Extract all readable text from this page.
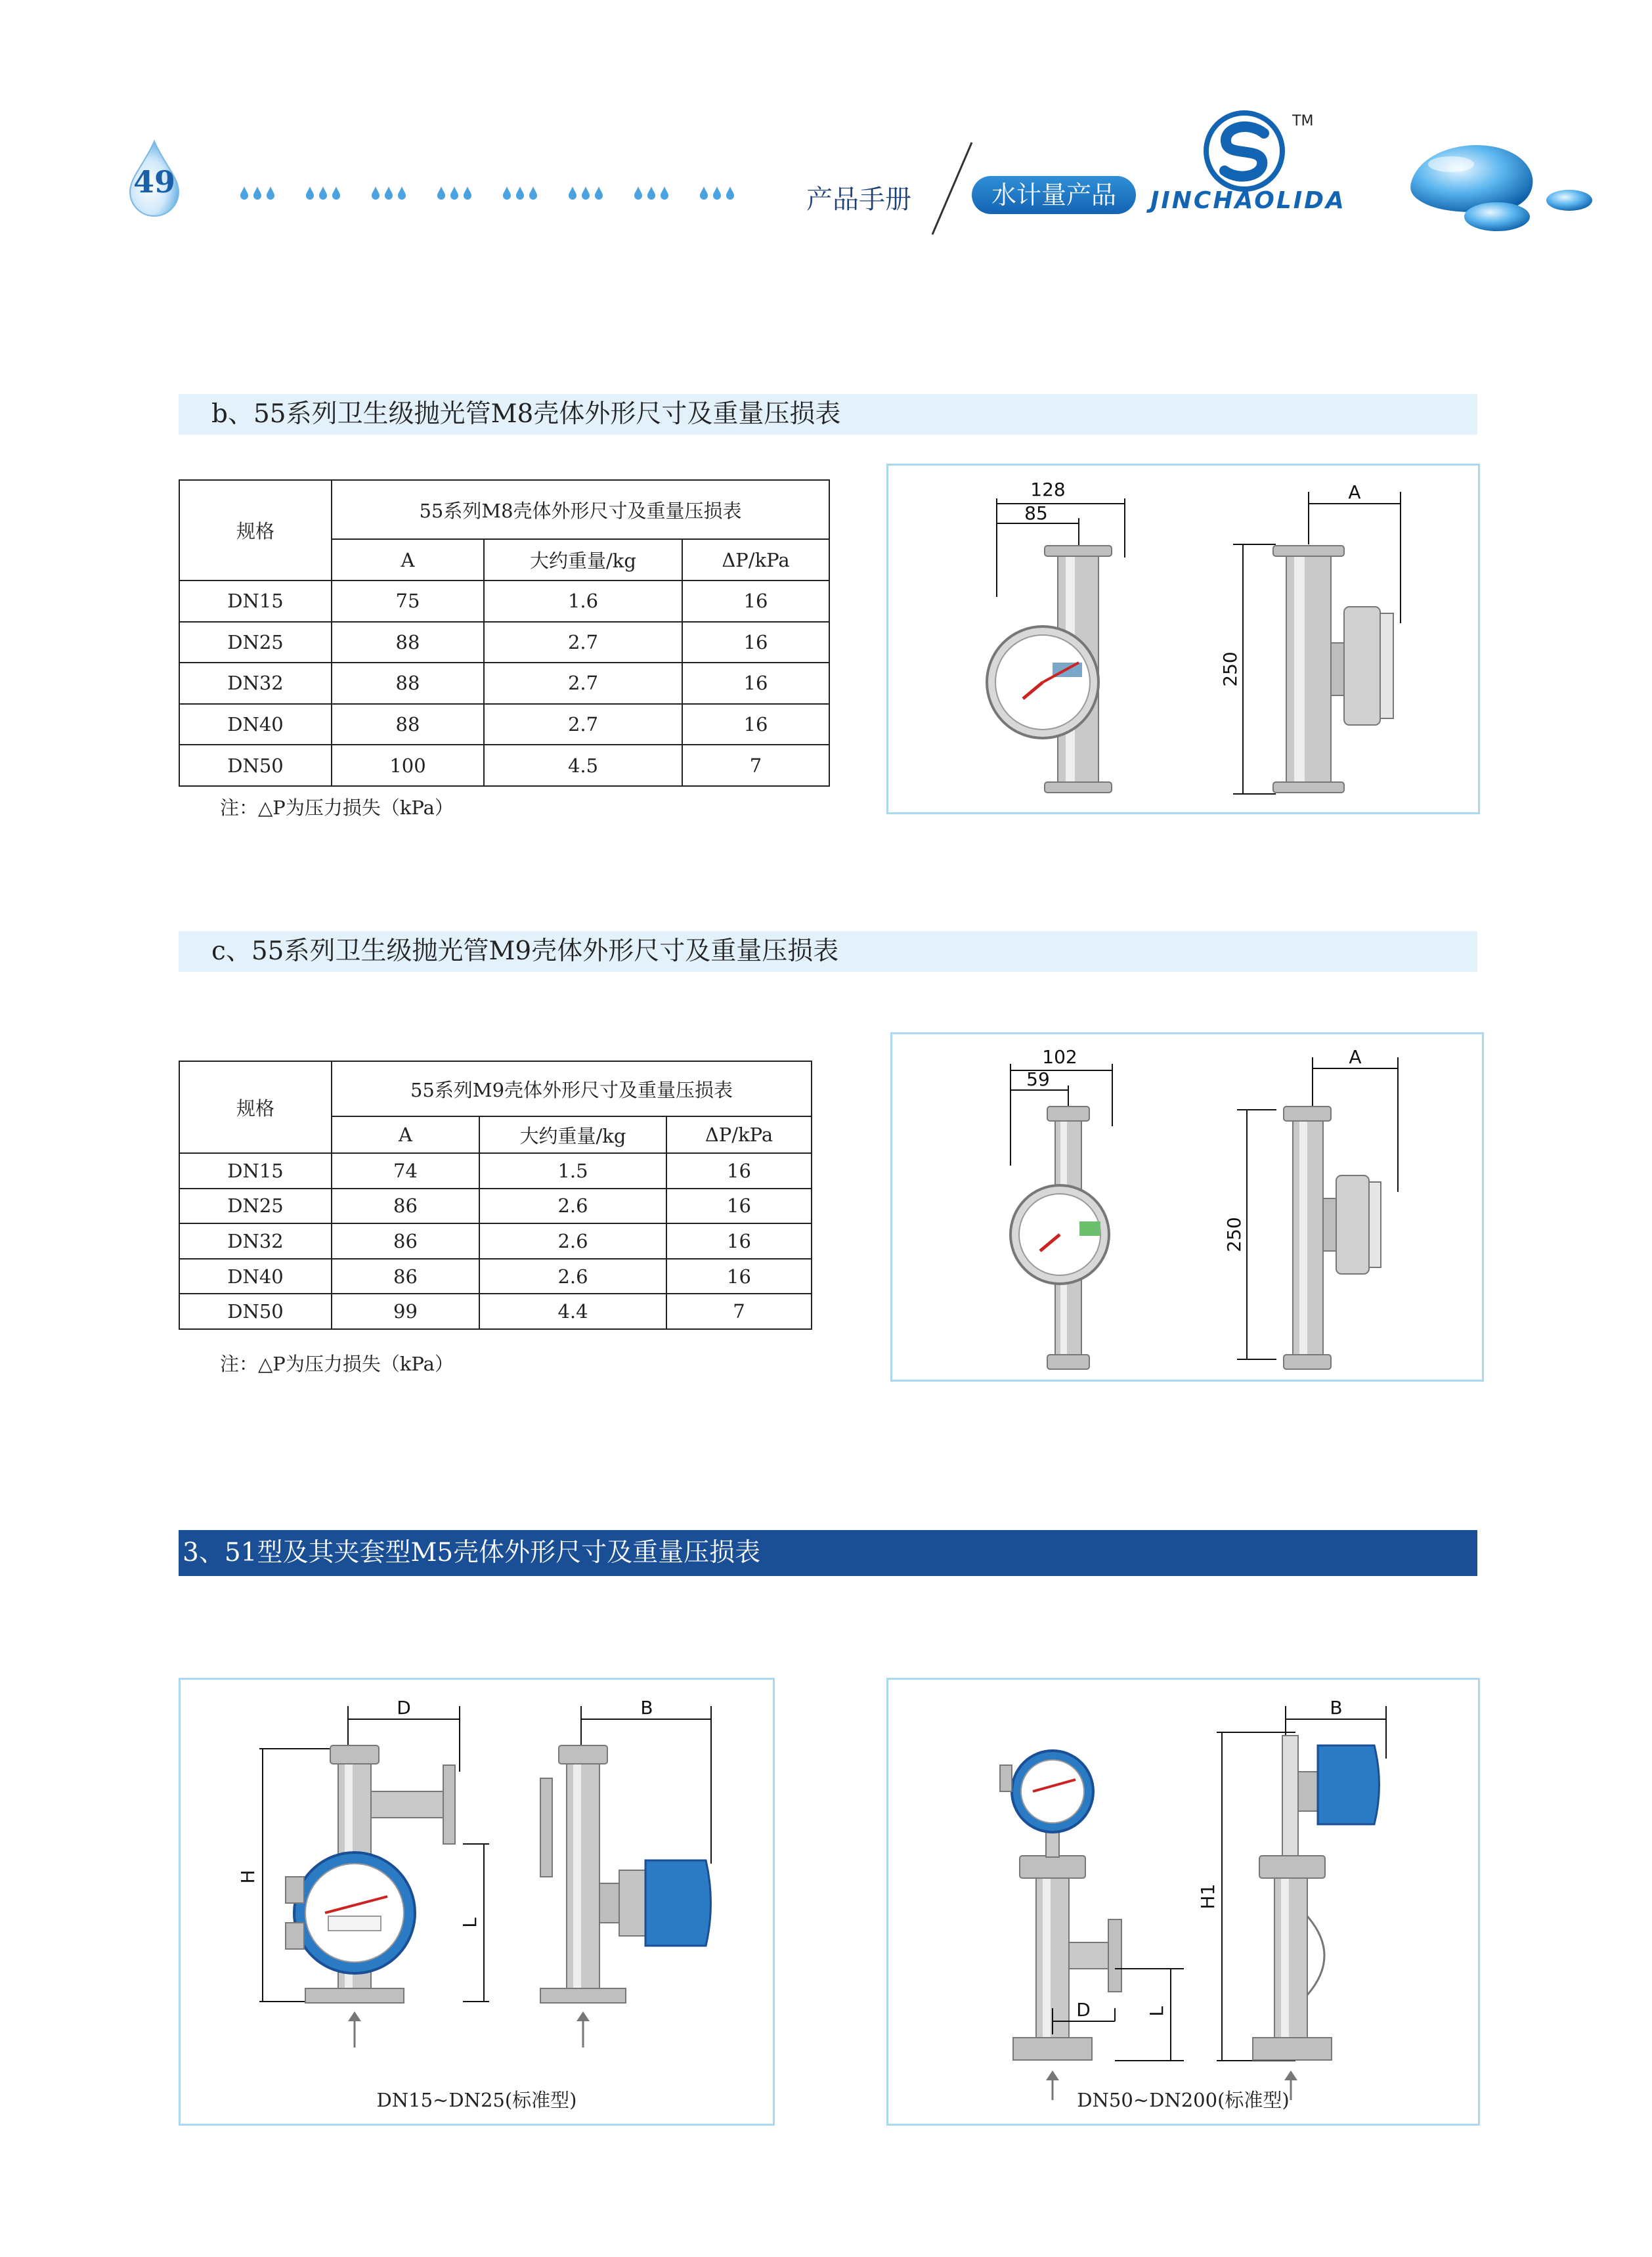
49	产品手册	水计量产品
TM
JINCHAOLIDA
b、55系列卫生级抛光管M8壳体外形尺寸及重量压损表
规格	55系列M8壳体外形尺寸及重量压损表		
	A	大约重量/kg	ΔP/kPa
DN15	75	1.6	16
DN25	88	2.7	16
DN32	88	2.7	16
DN40	88	2.7	16
DN50	100	4.5	7
注：△P为压力损失（kPa）
128
85
250
A
c、55系列卫生级抛光管M9壳体外形尺寸及重量压损表
规格	55系列M9壳体外形尺寸及重量压损表		
	A	大约重量/kg	ΔP/kPa
DN15	74	1.5	16
DN25	86	2.6	16
DN32	86	2.6	16
DN40	86	2.6	16
DN50	99	4.4	7
注：△P为压力损失（kPa）
102
59
250
A
3、51型及其夹套型M5壳体外形尺寸及重量压损表
D
H
L
B
DN15~DN25(标准型)
L
D
H1
B
DN50~DN200(标准型)
